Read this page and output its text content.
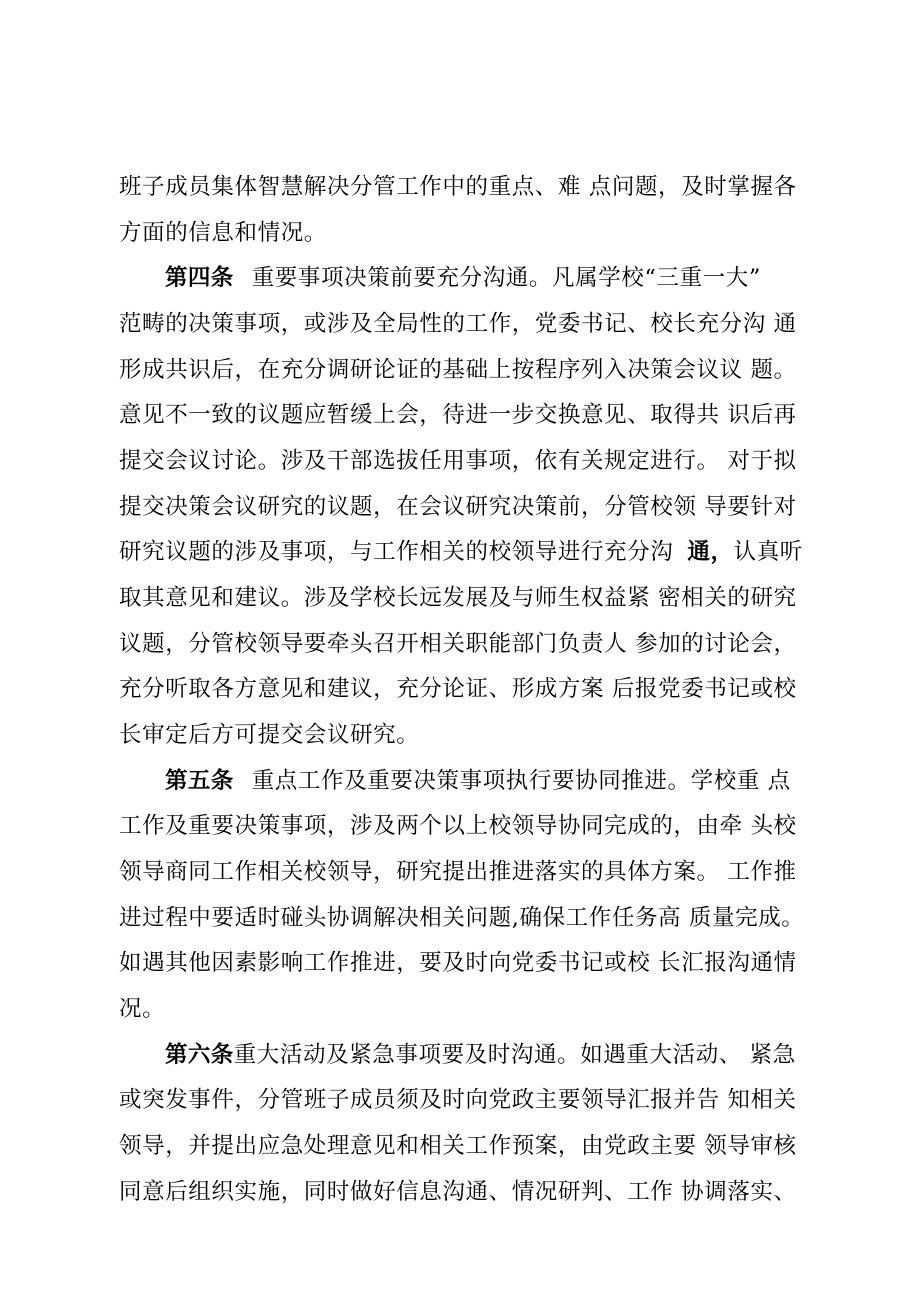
班子成员集体智慧解决分管工作中的重点、难 点问题，及时掌握各
方面的信息和情况。
第四条 重要事项决策前要充分沟通。凡属学校“三重一大”
范畴的决策事项，或涉及全局性的工作，党委书记、校长充分沟 通
形成共识后，在充分调研论证的基础上按程序列入决策会议议 题。
意见不一致的议题应暂缓上会，待进一步交换意见、取得共 识后再
提交会议讨论。涉及干部选拔任用事项，依有关规定进行。 对于拟
提交决策会议研究的议题，在会议研究决策前，分管校领 导要针对
研究议题的涉及事项，与工作相关的校领导进行充分沟 通，认真听
取其意见和建议。涉及学校长远发展及与师生权益紧 密相关的研究
议题，分管校领导要牵头召开相关职能部门负责人 参加的讨论会，
充分听取各方意见和建议，充分论证、形成方案 后报党委书记或校
长审定后方可提交会议研究。
第五条 重点工作及重要决策事项执行要协同推进。学校重 点
工作及重要决策事项，涉及两个以上校领导协同完成的，由牵 头校
领导商同工作相关校领导，研究提出推进落实的具体方案。 工作推
进过程中要适时碰头协调解决相关问题,确保工作任务高 质量完成。
如遇其他因素影响工作推进，要及时向党委书记或校 长汇报沟通情
况。
第六条重大活动及紧急事项要及时沟通。如遇重大活动、 紧急
或突发事件，分管班子成员须及时向党政主要领导汇报并告 知相关
领导，并提出应急处理意见和相关工作预案，由党政主要 领导审核
同意后组织实施，同时做好信息沟通、情况研判、工作 协调落实、
